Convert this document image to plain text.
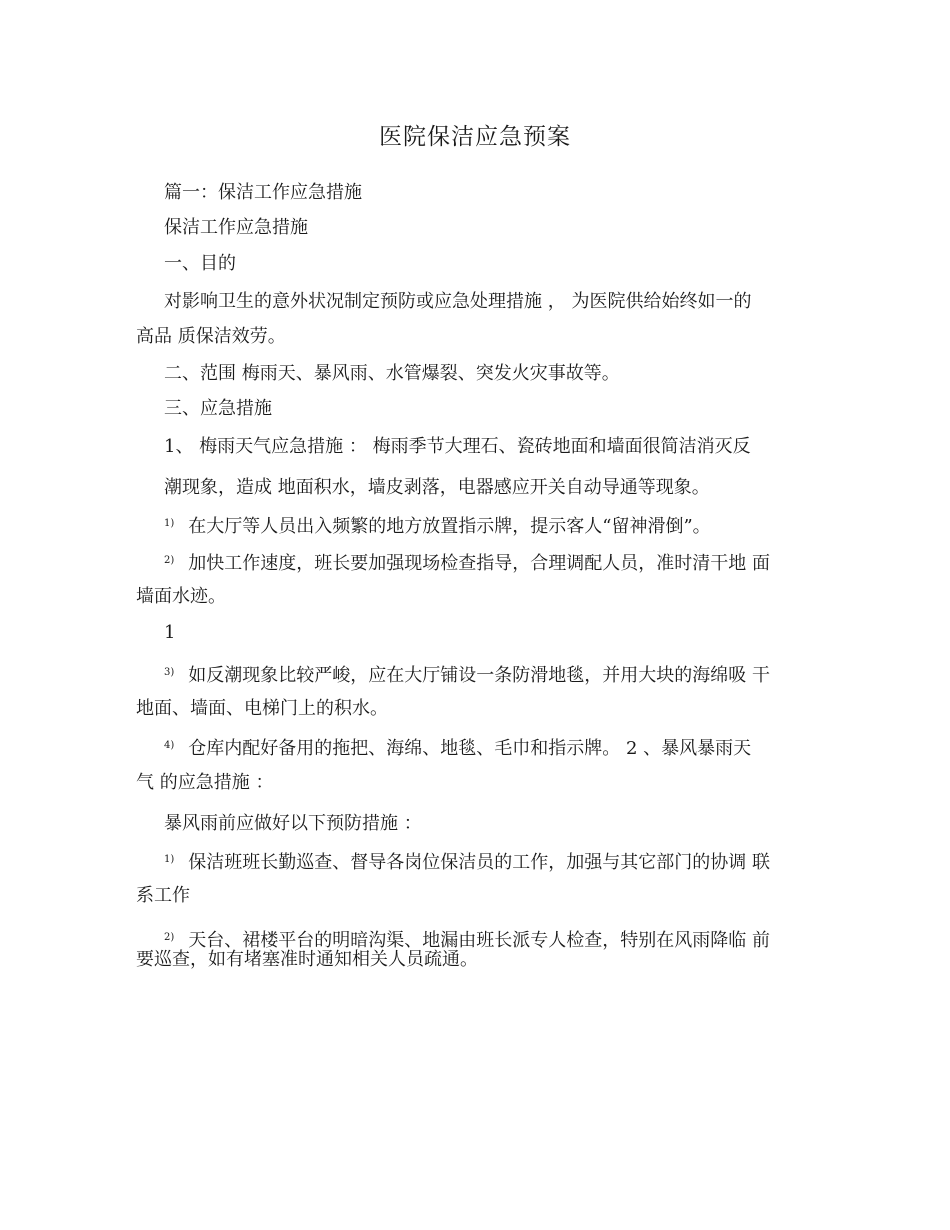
医院保洁应急预案
篇一：保洁工作应急措施
保洁工作应急措施
一、目的
对影响卫生的意外状况制定预防或应急处理措施 ， 为医院供给始终如一的
高品 质保洁效劳。
二、范围 梅雨天、暴风雨、水管爆裂、突发火灾事故等。
三、应急措施
1、 梅雨天气应急措施 ： 梅雨季节大理石、瓷砖地面和墙面很简洁消灭反
潮现象，造成 地面积水，墙皮剥落，电器感应开关自动导通等现象。
$^{1)}$ 在大厅等人员出入频繁的地方放置指示牌，提示客人“留神滑倒”。
$^{2)}$ 加快工作速度，班长要加强现场检查指导，合理调配人员，准时清干地 面
墙面水迹。
1
$^{3)}$ 如反潮现象比较严峻，应在大厅铺设一条防滑地毯，并用大块的海绵吸 干
地面、墙面、电梯门上的积水。
$^{4)}$ 仓库内配好备用的拖把、海绵、地毯、毛巾和指示牌。 2 、暴风暴雨天
气 的应急措施 ：
暴风雨前应做好以下预防措施 ：
$^{1)}$ 保洁班班长勤巡查、督导各岗位保洁员的工作，加强与其它部门的协调 联
系工作
$^{2)}$ 天台、裙楼平台的明暗沟渠、地漏由班长派专人检查，特别在风雨降临 前
要巡查，如有堵塞准时通知相关人员疏通。
